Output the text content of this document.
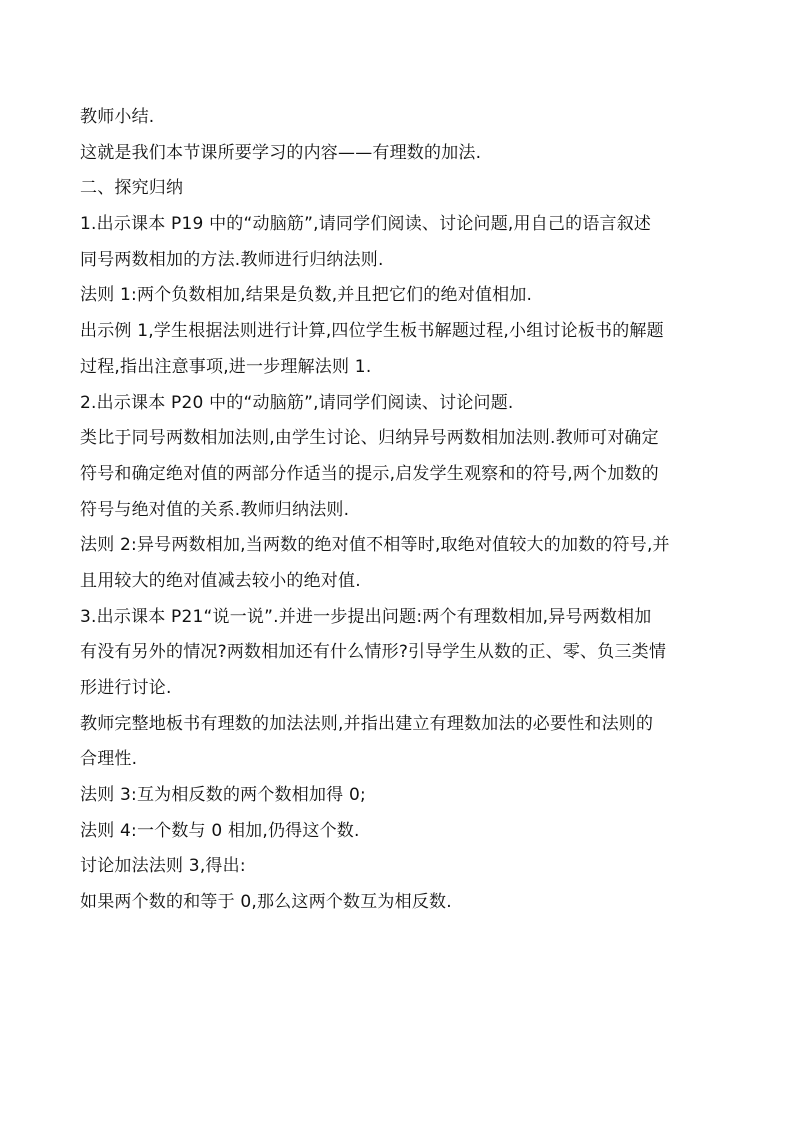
教师小结.
这就是我们本节课所要学习的内容——有理数的加法.
二、探究归纳
1.出示课本 P19 中的“动脑筋”,请同学们阅读、讨论问题,用自己的语言叙述
同号两数相加的方法.教师进行归纳法则.
法则 1:两个负数相加,结果是负数,并且把它们的绝对值相加.
出示例 1,学生根据法则进行计算,四位学生板书解题过程,小组讨论板书的解题
过程,指出注意事项,进一步理解法则 1.
2.出示课本 P20 中的“动脑筋”,请同学们阅读、讨论问题.
类比于同号两数相加法则,由学生讨论、归纳异号两数相加法则.教师可对确定
符号和确定绝对值的两部分作适当的提示,启发学生观察和的符号,两个加数的
符号与绝对值的关系.教师归纳法则.
法则 2:异号两数相加,当两数的绝对值不相等时,取绝对值较大的加数的符号,并
且用较大的绝对值减去较小的绝对值.
3.出示课本 P21“说一说”.并进一步提出问题:两个有理数相加,异号两数相加
有没有另外的情况?两数相加还有什么情形?引导学生从数的正、零、负三类情
形进行讨论.
教师完整地板书有理数的加法法则,并指出建立有理数加法的必要性和法则的
合理性.
法则 3:互为相反数的两个数相加得 0;
法则 4:一个数与 0 相加,仍得这个数.
讨论加法法则 3,得出:
如果两个数的和等于 0,那么这两个数互为相反数.
